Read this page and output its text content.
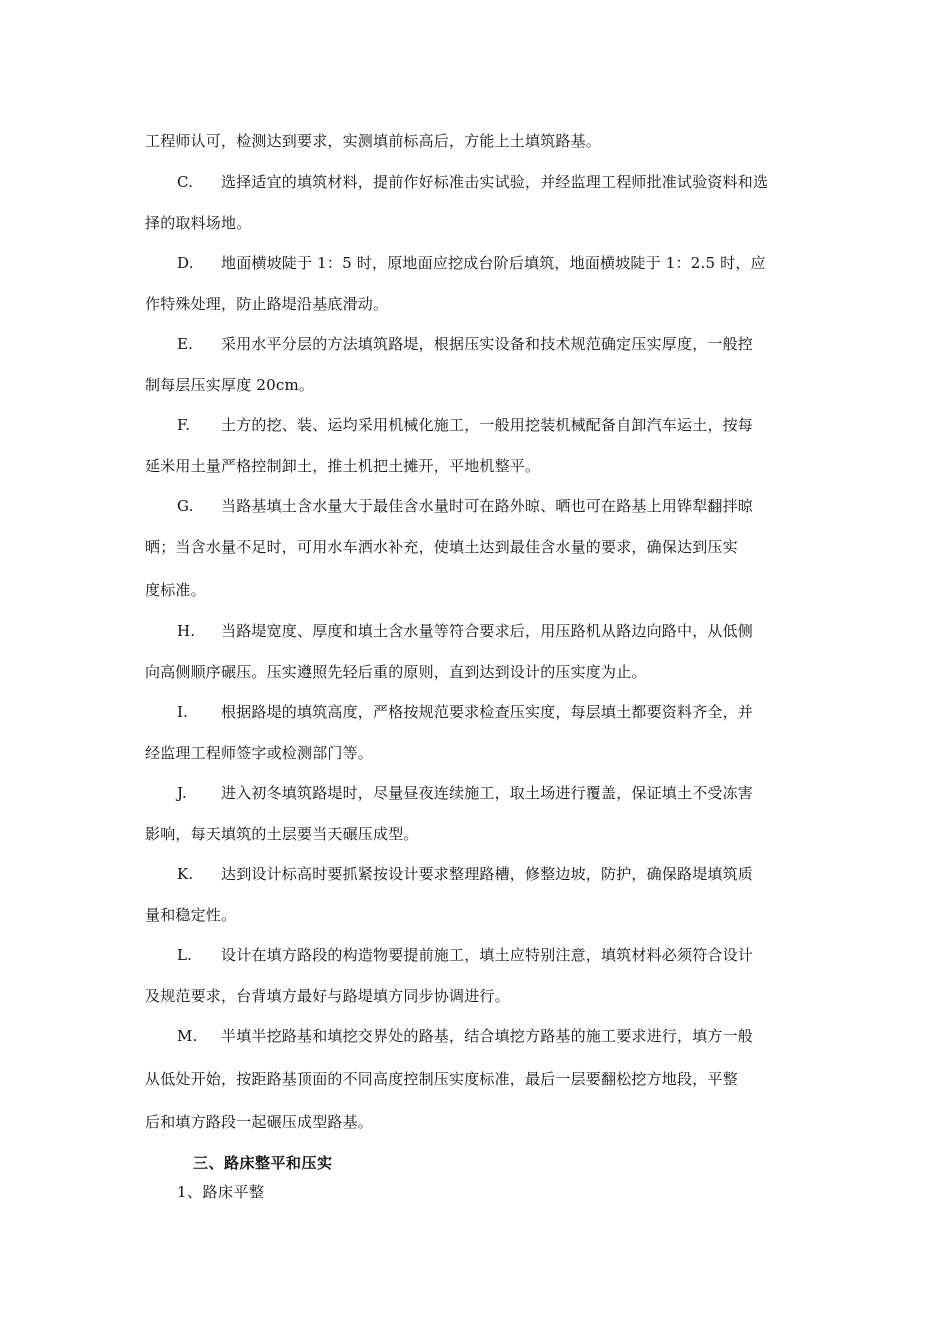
工程师认可，检测达到要求，实测填前标高后，方能上土填筑路基。
C. 选择适宜的填筑材料，提前作好标准击实试验，并经监理工程师批准试验资料和选
择的取料场地。
D. 地面横坡陡于 1：5 时，原地面应挖成台阶后填筑，地面横坡陡于 1：2.5 时，应
作特殊处理，防止路堤沿基底滑动。
E. 采用水平分层的方法填筑路堤，根据压实设备和技术规范确定压实厚度，一般控
制每层压实厚度 20cm。
F. 土方的挖、装、运均采用机械化施工，一般用挖装机械配备自卸汽车运土，按每
延米用土量严格控制卸土，推土机把土摊开，平地机整平。
G. 当路基填土含水量大于最佳含水量时可在路外晾、晒也可在路基上用铧犁翻拌晾
晒；当含水量不足时，可用水车洒水补充，使填土达到最佳含水量的要求，确保达到压实
度标准。
H. 当路堤宽度、厚度和填土含水量等符合要求后，用压路机从路边向路中，从低侧
向高侧顺序碾压。压实遵照先轻后重的原则，直到达到设计的压实度为止。
I. 根据路堤的填筑高度，严格按规范要求检查压实度，每层填土都要资料齐全，并
经监理工程师签字或检测部门等。
J. 进入初冬填筑路堤时，尽量昼夜连续施工，取土场进行覆盖，保证填土不受冻害
影响，每天填筑的土层要当天碾压成型。
K. 达到设计标高时要抓紧按设计要求整理路槽，修整边坡，防护，确保路堤填筑质
量和稳定性。
L. 设计在填方路段的构造物要提前施工，填土应特别注意，填筑材料必须符合设计
及规范要求，台背填方最好与路堤填方同步协调进行。
M. 半填半挖路基和填挖交界处的路基，结合填挖方路基的施工要求进行，填方一般
从低处开始，按距路基顶面的不同高度控制压实度标准，最后一层要翻松挖方地段，平整
后和填方路段一起碾压成型路基。
三、路床整平和压实
1、路床平整
